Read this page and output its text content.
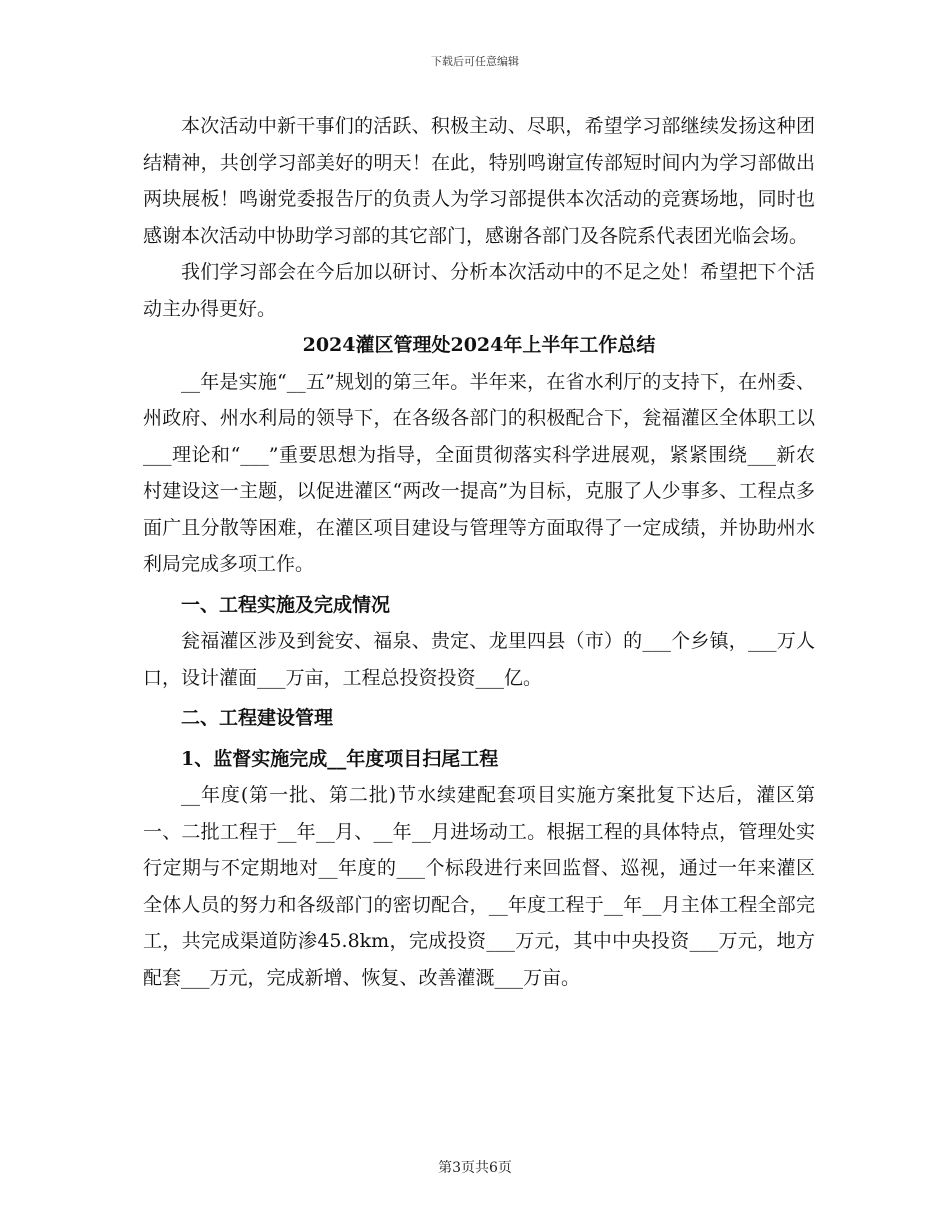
下载后可任意编辑

本次活动中新干事们的活跃、积极主动、尽职，希望学习部继续发扬这种团结精神，共创学习部美好的明天！在此，特别鸣谢宣传部短时间内为学习部做出两块展板！鸣谢党委报告厅的负责人为学习部提供本次活动的竞赛场地，同时也感谢本次活动中协助学习部的其它部门，感谢各部门及各院系代表团光临会场。

我们学习部会在今后加以研讨、分析本次活动中的不足之处！希望把下个活动主办得更好。

2024灌区管理处2024年上半年工作总结

__年是实施“__五”规划的第三年。半年来，在省水利厅的支持下，在州委、州政府、州水利局的领导下，在各级各部门的积极配合下，瓮福灌区全体职工以___理论和“___”重要思想为指导，全面贯彻落实科学进展观，紧紧围绕___新农村建设这一主题，以促进灌区“两改一提高”为目标，克服了人少事多、工程点多面广且分散等困难，在灌区项目建设与管理等方面取得了一定成绩，并协助州水利局完成多项工作。

一、工程实施及完成情况

瓮福灌区涉及到瓮安、福泉、贵定、龙里四县（市）的___个乡镇，___万人口，设计灌面___万亩，工程总投资投资___亿。

二、工程建设管理

1、监督实施完成__年度项目扫尾工程

__年度(第一批、第二批)节水续建配套项目实施方案批复下达后，灌区第一、二批工程于__年__月、__年__月进场动工。根据工程的具体特点，管理处实行定期与不定期地对__年度的___个标段进行来回监督、巡视，通过一年来灌区全体人员的努力和各级部门的密切配合，__年度工程于__年__月主体工程全部完工，共完成渠道防渗45.8km，完成投资___万元，其中中央投资___万元，地方配套___万元，完成新增、恢复、改善灌溉___万亩。

第3页共6页
